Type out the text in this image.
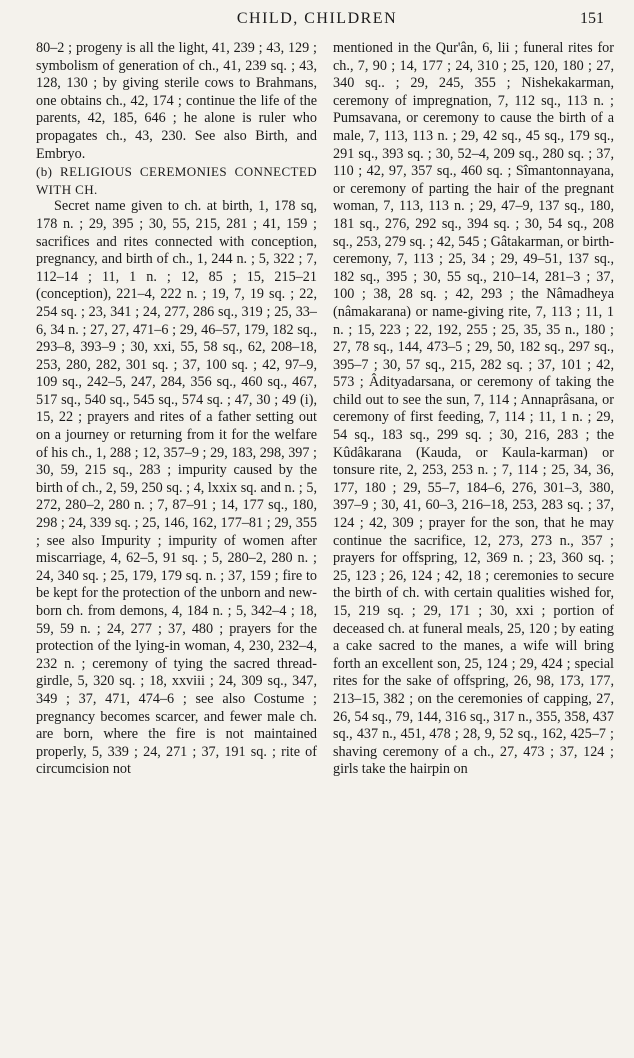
CHILD, CHILDREN	151

80–2 ; progeny is all the light, 41, 239 ; 43, 129 ; symbolism of generation of ch., 41, 239 sq. ; 43, 128, 130 ; by giving sterile cows to Brahmans, one obtains ch., 42, 174 ; continue the life of the parents, 42, 185, 646 ; he alone is ruler who propagates ch., 43, 230. See also Birth, and Embryo.

(b) RELIGIOUS CEREMONIES CONNECTED WITH CH.

Secret name given to ch. at birth, 1, 178 sq, 178 n. ; 29, 395 ; 30, 55, 215, 281 ; 41, 159 ; sacrifices and rites connected with conception, pregnancy, and birth of ch., 1, 244 n. ; 5, 322 ; 7, 112–14 ; 11, 1 n. ; 12, 85 ; 15, 215–21 (conception), 221–4, 222 n. ; 19, 7, 19 sq. ; 22, 254 sq. ; 23, 341 ; 24, 277, 286 sq., 319 ; 25, 33–6, 34 n. ; 27, 27, 471–6 ; 29, 46–57, 179, 182 sq., 293–8, 393–9 ; 30, xxi, 55, 58 sq., 62, 208–18, 253, 280, 282, 301 sq. ; 37, 100 sq. ; 42, 97–9, 109 sq., 242–5, 247, 284, 356 sq., 460 sq., 467, 517 sq., 540 sq., 545 sq., 574 sq. ; 47, 30 ; 49 (i), 15, 22 ; prayers and rites of a father setting out on a journey or returning from it for the welfare of his ch., 1, 288 ; 12, 357–9 ; 29, 183, 298, 397 ; 30, 59, 215 sq., 283 ; impurity caused by the birth of ch., 2, 59, 250 sq. ; 4, lxxix sq. and n. ; 5, 272, 280–2, 280 n. ; 7, 87–91 ; 14, 177 sq., 180, 298 ; 24, 339 sq. ; 25, 146, 162, 177–81 ; 29, 355 ; see also Impurity ; impurity of women after miscarriage, 4, 62–5, 91 sq. ; 5, 280–2, 280 n. ; 24, 340 sq. ; 25, 179, 179 sq. n. ; 37, 159 ; fire to be kept for the protection of the unborn and new-born ch. from demons, 4, 184 n. ; 5, 342–4 ; 18, 59, 59 n. ; 24, 277 ; 37, 480 ; prayers for the protection of the lying-in woman, 4, 230, 232–4, 232 n. ; ceremony of tying the sacred thread-girdle, 5, 320 sq. ; 18, xxviii ; 24, 309 sq., 347, 349 ; 37, 471, 474–6 ; see also Costume ; pregnancy becomes scarcer, and fewer male ch. are born, where the fire is not maintained properly, 5, 339 ; 24, 271 ; 37, 191 sq. ; rite of circumcision not

mentioned in the Qur'ân, 6, lii ; funeral rites for ch., 7, 90 ; 14, 177 ; 24, 310 ; 25, 120, 180 ; 27, 340 sq.. ; 29, 245, 355 ; Nishekakarman, ceremony of impregnation, 7, 112 sq., 113 n. ; Pumsavana, or ceremony to cause the birth of a male, 7, 113, 113 n. ; 29, 42 sq., 45 sq., 179 sq., 291 sq., 393 sq. ; 30, 52–4, 209 sq., 280 sq. ; 37, 110 ; 42, 97, 357 sq., 460 sq. ; Sîmantonnayana, or ceremony of parting the hair of the pregnant woman, 7, 113, 113 n. ; 29, 47–9, 137 sq., 180, 181 sq., 276, 292 sq., 394 sq. ; 30, 54 sq., 208 sq., 253, 279 sq. ; 42, 545 ; Gâtakarman, or birth-ceremony, 7, 113 ; 25, 34 ; 29, 49–51, 137 sq., 182 sq., 395 ; 30, 55 sq., 210–14, 281–3 ; 37, 100 ; 38, 28 sq. ; 42, 293 ; the Nâmadheya (nâmakarana) or name-giving rite, 7, 113 ; 11, 1 n. ; 15, 223 ; 22, 192, 255 ; 25, 35, 35 n., 180 ; 27, 78 sq., 144, 473–5 ; 29, 50, 182 sq., 297 sq., 395–7 ; 30, 57 sq., 215, 282 sq. ; 37, 101 ; 42, 573 ; Âdityadarsana, or ceremony of taking the child out to see the sun, 7, 114 ; Annaprâsana, or ceremony of first feeding, 7, 114 ; 11, 1 n. ; 29, 54 sq., 183 sq., 299 sq. ; 30, 216, 283 ; the Kûdâkarana (Kauda, or Kaula-karman) or tonsure rite, 2, 253, 253 n. ; 7, 114 ; 25, 34, 36, 177, 180 ; 29, 55–7, 184–6, 276, 301–3, 380, 397–9 ; 30, 41, 60–3, 216–18, 253, 283 sq. ; 37, 124 ; 42, 309 ; prayer for the son, that he may continue the sacrifice, 12, 273, 273 n., 357 ; prayers for offspring, 12, 369 n. ; 23, 360 sq. ; 25, 123 ; 26, 124 ; 42, 18 ; ceremonies to secure the birth of ch. with certain qualities wished for, 15, 219 sq. ; 29, 171 ; 30, xxi ; portion of deceased ch. at funeral meals, 25, 120 ; by eating a cake sacred to the manes, a wife will bring forth an excellent son, 25, 124 ; 29, 424 ; special rites for the sake of offspring, 26, 98, 173, 177, 213–15, 382 ; on the ceremonies of capping, 27, 26, 54 sq., 79, 144, 316 sq., 317 n., 355, 358, 437 sq., 437 n., 451, 478 ; 28, 9, 52 sq., 162, 425–7 ; shaving ceremony of a ch., 27, 473 ; 37, 124 ; girls take the hairpin on
